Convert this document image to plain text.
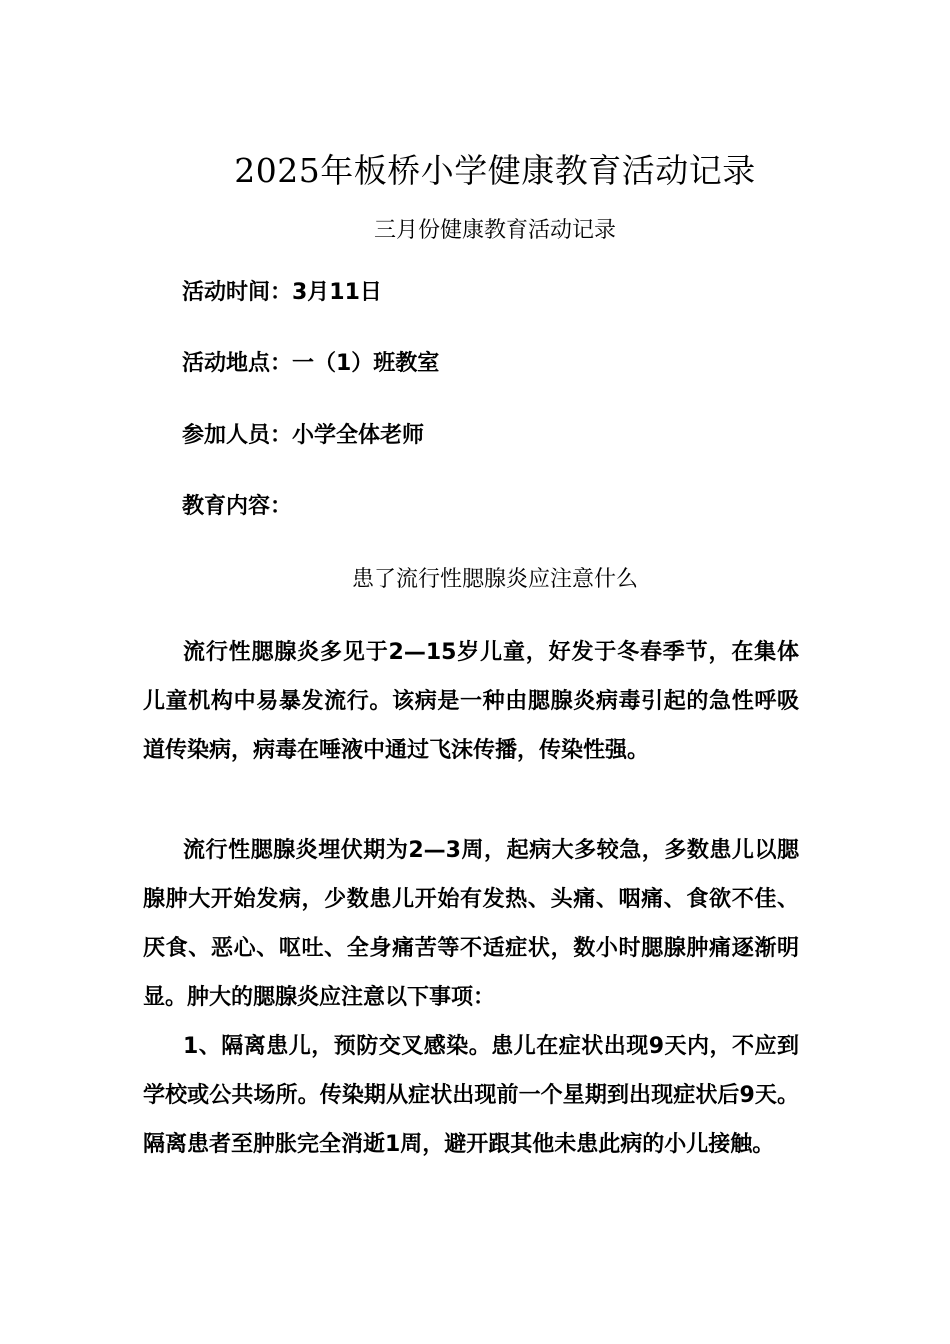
2025年板桥小学健康教育活动记录
三月份健康教育活动记录
活动时间：3月11日
活动地点：一（1）班教室
参加人员：小学全体老师
教育内容：
患了流行性腮腺炎应注意什么
流行性腮腺炎多见于2—15岁儿童，好发于冬春季节，在集体儿童机构中易暴发流行。该病是一种由腮腺炎病毒引起的急性呼吸道传染病，病毒在唾液中通过飞沫传播，传染性强。
流行性腮腺炎埋伏期为2—3周，起病大多较急，多数患儿以腮腺肿大开始发病，少数患儿开始有发热、头痛、咽痛、食欲不佳、厌食、恶心、呕吐、全身痛苦等不适症状，数小时腮腺肿痛逐渐明显。肿大的腮腺炎应注意以下事项：
1、隔离患儿，预防交叉感染。患儿在症状出现9天内，不应到学校或公共场所。传染期从症状出现前一个星期到出现症状后9天。隔离患者至肿胀完全消逝1周，避开跟其他未患此病的小儿接触。
